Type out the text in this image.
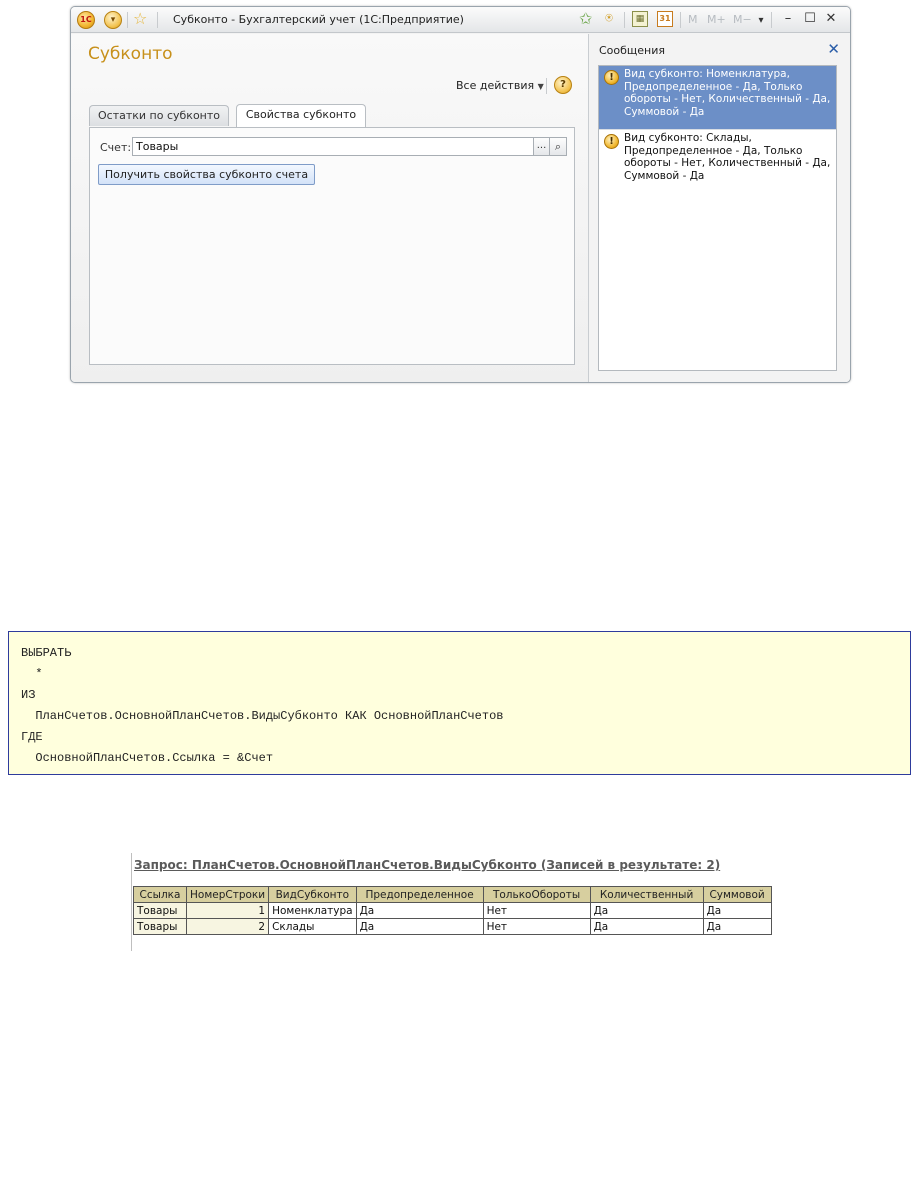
1С	▾	☆ Субконто - Бухгалтерский учет (1С:Предприятие)	✩ ⍟	▦	31 M M+ M− ▾	– ☐ ✕
Субконто
Все действия ▼	?
Остатки по субконто	Свойства субконто
Счет: Товары	... ⌕
Получить свойства субконто счета
Сообщения	✕
! Вид субконто: Номенклатура, Предопределенное - Да, Только обороты - Нет, Количественный - Да, Суммовой - Да
! Вид субконто: Склады, Предопределенное - Да, Только обороты - Нет, Количественный - Да, Суммовой - Да
ВЫБРАТЬ
*
ИЗ
ПланСчетов.ОсновнойПланСчетов.ВидыСубконто КАК ОсновнойПланСчетов
ГДЕ
ОсновнойПланСчетов.Ссылка = &Счет
Запрос: ПланСчетов.ОсновнойПланСчетов.ВидыСубконто (Записей в результате: 2)
Ссылка	НомерСтроки	ВидСубконто	Предопределенное	ТолькоОбороты	Количественный	Суммовой
Товары	1	Номенклатура	Да	Нет	Да	Да
Товары	2	Склады	Да	Нет	Да	Да
